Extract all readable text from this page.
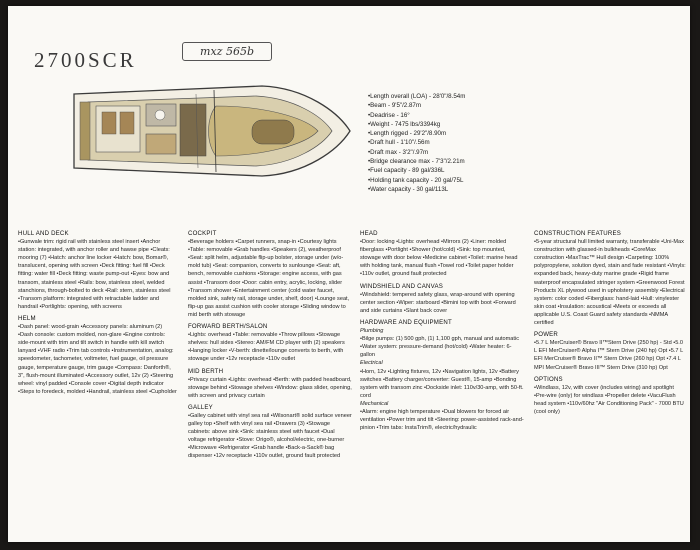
2700SCR	mxz 565b
•Length overall (LOA) - 28'0"/8.54m
•Beam - 9'5"/2.87m
•Deadrise - 16°
•Weight - 7475 lbs/3394kg
•Length rigged - 29'2"/8.90m
•Draft hull - 1'10"/.56m
•Draft max - 3'2"/.97m
•Bridge clearance max - 7'3"/2.21m
•Fuel capacity - 89 gal/336L
•Holding tank capacity - 20 gal/75L
•Water capacity - 30 gal/113L
HULL AND DECK
•Gunwale trim: rigid rail with stainless steel insert •Anchor station: integrated, with anchor roller and hawse pipe •Cleats: mooring (7) •Hatch: anchor line locker •Hatch: bow, Bomar®, translucent, opening with screen •Deck fitting: fuel fill •Deck fitting: water fill •Deck fitting: waste pump-out •Eyes: bow and transom, stainless steel •Rails: bow, stainless steel, welded stanchions, through-bolted to deck •Rail: stern, stainless steel •Transom platform: integrated with retractable ladder and handrail •Portlights: opening, with screens
HELM
•Dash panel: wood-grain •Accessory panels: aluminum (2) •Dash console: custom molded, non-glare •Engine controls: side-mount with trim and tilt switch in handle with kill switch lanyard •VHF radio •Trim tab controls •Instrumentation, analog: speedometer, tachometer, voltmeter, fuel gauge, oil pressure gauge, temperature gauge, trim gauge •Compass: Danforth®, 3", flush-mount illuminated •Accessory outlet, 12v (2) •Steering wheel: vinyl padded •Console cover •Digital depth indicator •Steps to foredeck, molded •Handrail, stainless steel •Cupholder
COCKPIT
•Beverage holders •Carpet runners, snap-in •Courtesy lights •Table: removable •Grab handles •Speakers (2), weatherproof •Seat: split helm, adjustable flip-up bolster, storage under (w/o-mold tub) •Seat: companion, converts to sunlounge •Seat: aft, bench, removable cushions •Storage: engine access, with gas assist •Transom door •Door: cabin entry, acrylic, locking, slider •Transom shower •Entertainment center (cold water faucet, molded sink, safety rail, storage under, shelf, door) •Lounge seat, flip-up gas assist cushion with cooler storage •Sliding window to mid berth with stowage
FORWARD BERTH/SALON
•Lights: overhead •Table: removable •Throw pillows •Stowage shelves: hull sides •Stereo: AM/FM CD player with (2) speakers •Hanging locker •V-berth: dinette/lounge converts to berth, with stowage under •12v receptacle •110v outlet
MID BERTH
•Privacy curtain •Lights: overhead •Berth: with padded headboard, stowage behind •Stowage shelves •Window: glass slider, opening, with screen and privacy curtain
GALLEY
•Galley cabinet with vinyl sea rail •Wilsonart® solid surface veneer galley top •Shelf with vinyl sea rail •Drawers (3) •Stowage cabinets: above sink •Sink: stainless steel with faucet •Dual voltage refrigerator •Stove: Origo®, alcohol/electric, one-burner •Microwave •Refrigerator •Grab handle •Back-a-Sack® bag dispenser •12v receptacle •110v outlet, ground fault protected
HEAD
•Door: locking •Lights: overhead •Mirrors (2) •Liner: molded fiberglass •Portlight •Shower (hot/cold) •Sink: top mounted, stowage with door below •Medicine cabinet •Toilet: marine head with holding tank, manual flush •Towel rod •Toilet paper holder •110v outlet, ground fault protected
WINDSHIELD AND CANVAS
•Windshield: tempered safety glass, wrap-around with opening center section •Wiper: starboard •Bimini top with boot •Forward and side curtains •Slant back cover
HARDWARE AND EQUIPMENT
Plumbing
•Bilge pumps: (1) 500 gph, (1) 1,100 gph, manual and automatic •Water system: pressure-demand (hot/cold) •Water heater: 6-gallon
Electrical
•Horn, 12v •Lighting fixtures, 12v •Navigation lights, 12v •Battery switches •Battery charger/converter: Guest®, 15-amp •Bonding system with transom zinc •Dockside inlet: 110v/30-amp, with 50-ft. cord
Mechanical
•Alarm: engine high temperature •Dual blowers for forced air ventilation •Power trim and tilt •Steering: power-assisted rack-and-pinion •Trim tabs: InstaTrim®, electric/hydraulic
CONSTRUCTION FEATURES
•5-year structural hull limited warranty, transferable •Uni-Max construction with glassed-in bulkheads •CoreMax construction •MaxTrac™ Hull design •Carpeting: 100% polypropylene, solution dyed, stain and fade resistant •Vinyls: expanded back, heavy-duty marine grade •Rigid frame waterproof encapsulated stringer system •Greenwood Forest Products XL plywood used in upholstery assembly •Electrical system: color coded •Fiberglass: hand-laid •Hull: vinylester skin coat •Insulation: acoustical •Meets or exceeds all applicable U.S. Coast Guard safety standards •NMMA certified
POWER
•5.7 L MerCruiser® Bravo II™Stern Drive (250 hp) - Std •5.0 L EFI MerCruiser® Alpha I™ Stern Drive (240 hp) Opt •5.7 L EFI MerCruiser® Bravo II™ Stern Drive (260 hp) Opt •7.4 L MPI MerCruiser® Bravo III™ Stern Drive (310 hp) Opt
OPTIONS
•Windlass, 12v, with cover (includes wiring) and spotlight •Pre-wire (only) for windlass •Propeller delete •VacuFlush head system •110v/60hz "Air Conditioning Pack" - 7000 BTU (cool only)
